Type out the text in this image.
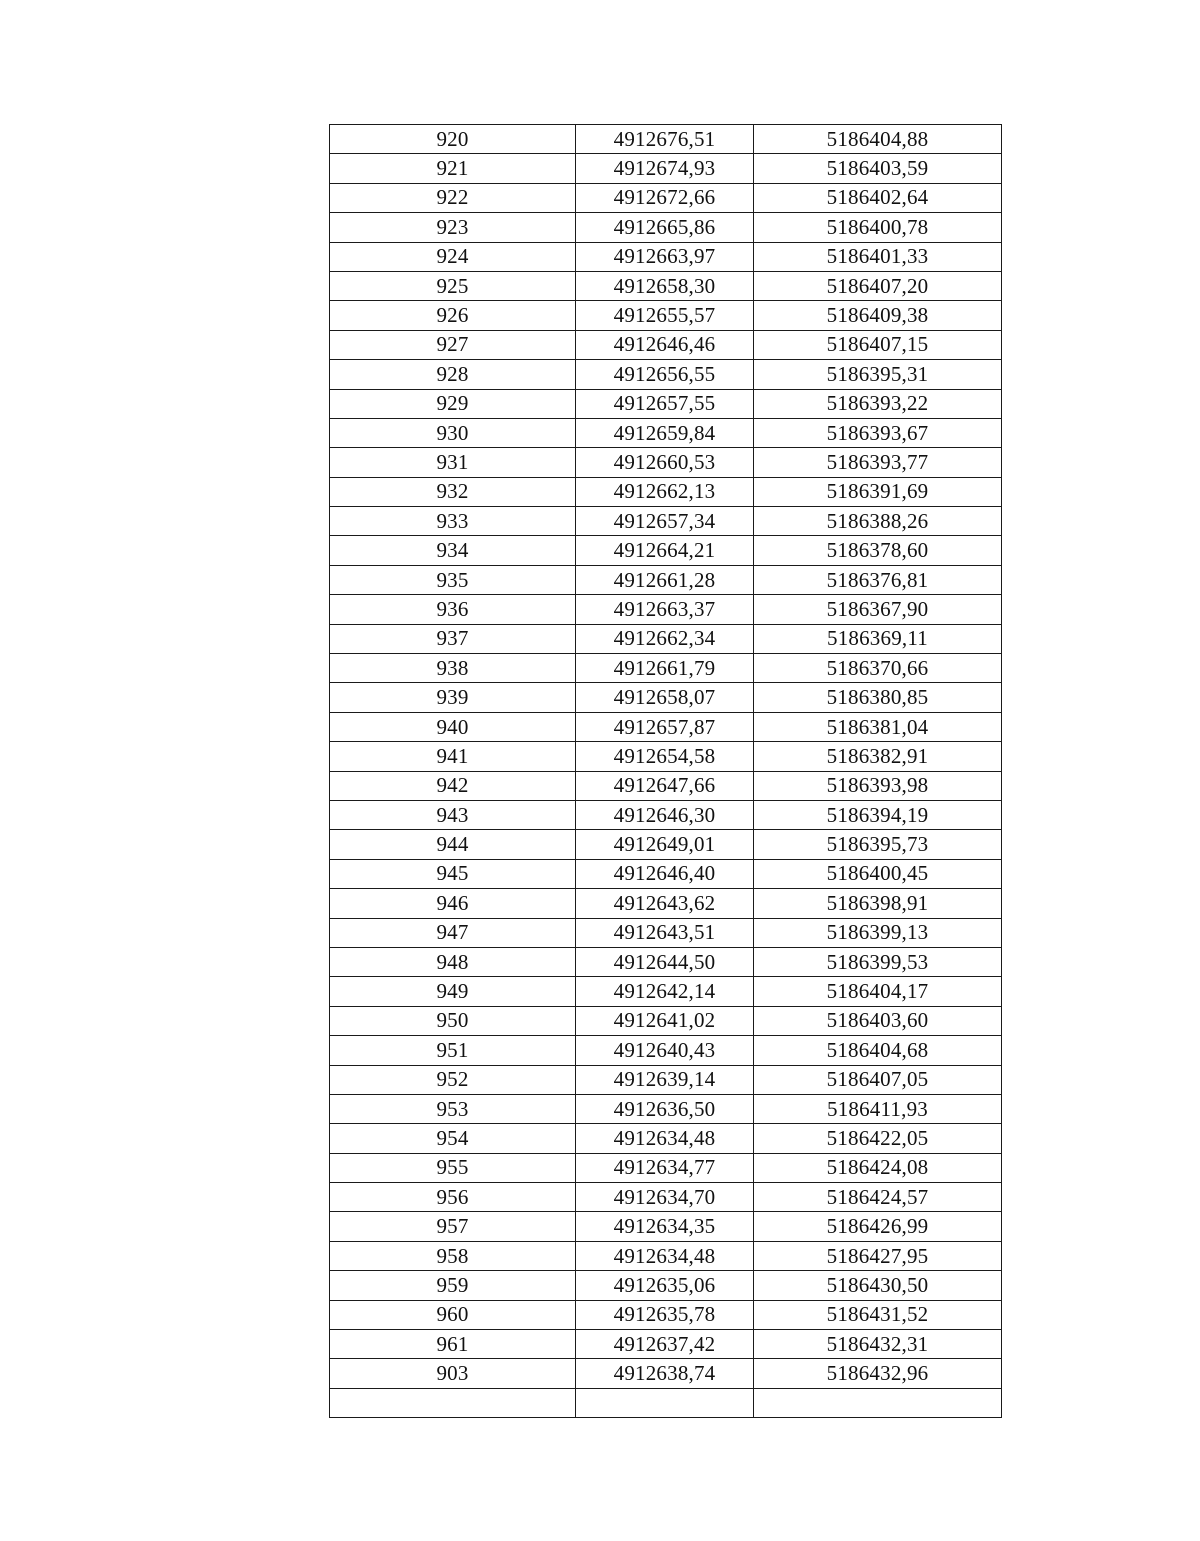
920	4912676,51	5186404,88
921	4912674,93	5186403,59
922	4912672,66	5186402,64
923	4912665,86	5186400,78
924	4912663,97	5186401,33
925	4912658,30	5186407,20
926	4912655,57	5186409,38
927	4912646,46	5186407,15
928	4912656,55	5186395,31
929	4912657,55	5186393,22
930	4912659,84	5186393,67
931	4912660,53	5186393,77
932	4912662,13	5186391,69
933	4912657,34	5186388,26
934	4912664,21	5186378,60
935	4912661,28	5186376,81
936	4912663,37	5186367,90
937	4912662,34	5186369,11
938	4912661,79	5186370,66
939	4912658,07	5186380,85
940	4912657,87	5186381,04
941	4912654,58	5186382,91
942	4912647,66	5186393,98
943	4912646,30	5186394,19
944	4912649,01	5186395,73
945	4912646,40	5186400,45
946	4912643,62	5186398,91
947	4912643,51	5186399,13
948	4912644,50	5186399,53
949	4912642,14	5186404,17
950	4912641,02	5186403,60
951	4912640,43	5186404,68
952	4912639,14	5186407,05
953	4912636,50	5186411,93
954	4912634,48	5186422,05
955	4912634,77	5186424,08
956	4912634,70	5186424,57
957	4912634,35	5186426,99
958	4912634,48	5186427,95
959	4912635,06	5186430,50
960	4912635,78	5186431,52
961	4912637,42	5186432,31
903	4912638,74	5186432,96
